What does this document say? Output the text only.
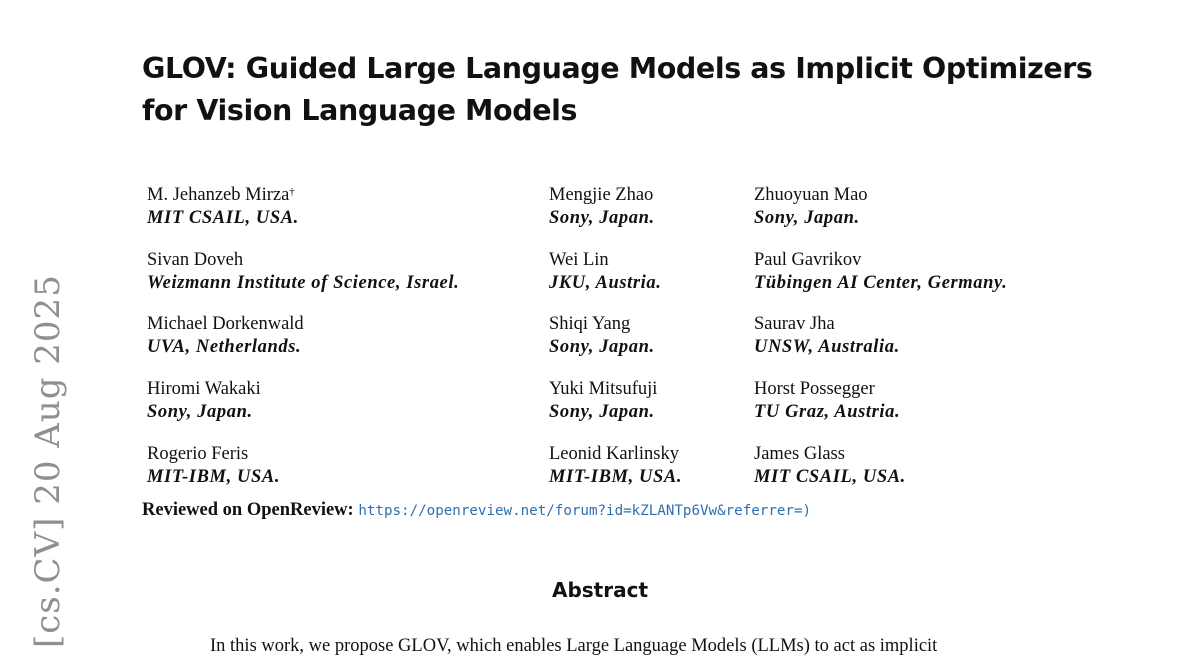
[cs.CV] 20 Aug 2025
GLOV: Guided Large Language Models as Implicit Optimizers for Vision Language Models
M. Jehanzeb Mirza†
MIT CSAIL, USA.
Mengjie Zhao
Sony, Japan.
Zhuoyuan Mao
Sony, Japan.
Sivan Doveh
Weizmann Institute of Science, Israel.
Wei Lin
JKU, Austria.
Paul Gavrikov
Tübingen AI Center, Germany.
Michael Dorkenwald
UVA, Netherlands.
Shiqi Yang
Sony, Japan.
Saurav Jha
UNSW, Australia.
Hiromi Wakaki
Sony, Japan.
Yuki Mitsufuji
Sony, Japan.
Horst Possegger
TU Graz, Austria.
Rogerio Feris
MIT-IBM, USA.
Leonid Karlinsky
MIT-IBM, USA.
James Glass
MIT CSAIL, USA.
Reviewed on OpenReview: https://openreview.net/forum?id=kZLANTp6Vw&referrer=)
Abstract
In this work, we propose GLOV, which enables Large Language Models (LLMs) to act as implicit
